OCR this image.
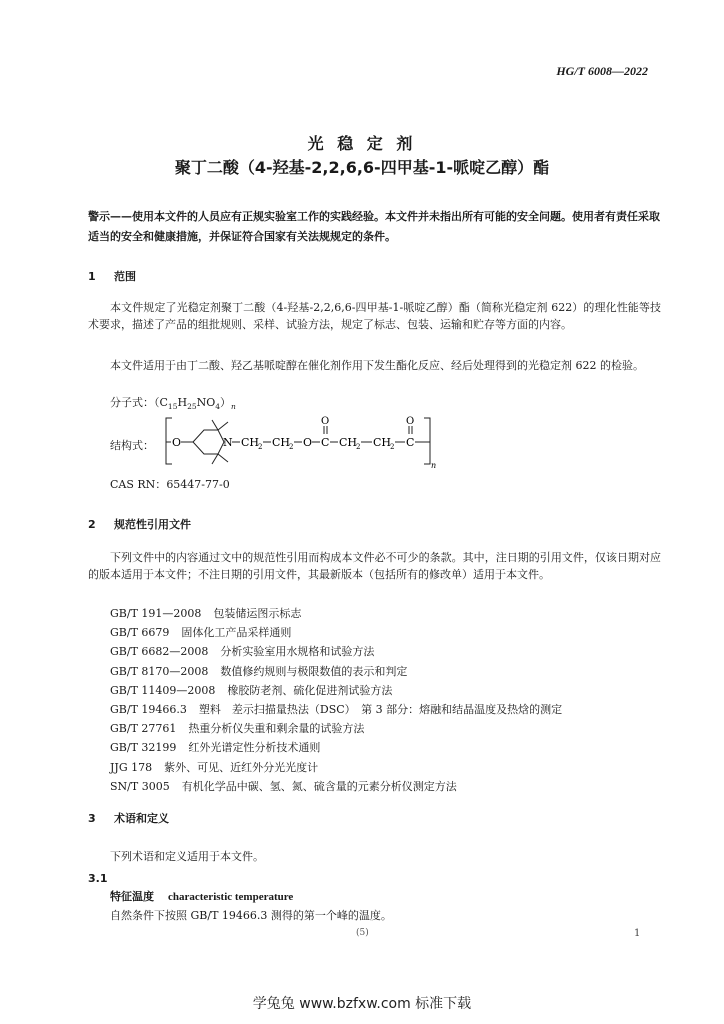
HG/T 6008—2022
光 稳 定 剂
聚丁二酸（4-羟基-2,2,6,6-四甲基-1-哌啶乙醇）酯
警示——使用本文件的人员应有正规实验室工作的实践经验。本文件并未指出所有可能的安全问题。使用者有责任采取适当的安全和健康措施，并保证符合国家有关法规规定的条件。
1 范围
本文件规定了光稳定剂聚丁二酸（4-羟基-2,2,6,6-四甲基-1-哌啶乙醇）酯（简称光稳定剂 622）的理化性能等技术要求，描述了产品的组批规则、采样、试验方法，规定了标志、包装、运输和贮存等方面的内容。
本文件适用于由丁二酸、羟乙基哌啶醇在催化剂作用下发生酯化反应、经后处理得到的光稳定剂 622 的检验。
分子式：$(C_{15}H_{25}NO_4)_n$
结构式：
n
O	N CH
2 CH
2 O C
O
CH
2 CH
2 C
O
CAS RN：65447-77-0
2 规范性引用文件
下列文件中的内容通过文中的规范性引用而构成本文件必不可少的条款。其中，注日期的引用文件，仅该日期对应的版本适用于本文件；不注日期的引用文件，其最新版本（包括所有的修改单）适用于本文件。
GB/T 191—2008 包装储运图示标志
GB/T 6679 固体化工产品采样通则
GB/T 6682—2008 分析实验室用水规格和试验方法
GB/T 8170—2008 数值修约规则与极限数值的表示和判定
GB/T 11409—2008 橡胶防老剂、硫化促进剂试验方法
GB/T 19466.3 塑料　差示扫描量热法（DSC）　第 3 部分：熔融和结晶温度及热焓的测定
GB/T 27761 热重分析仪失重和剩余量的试验方法
GB/T 32199 红外光谱定性分析技术通则
JJG 178 紫外、可见、近红外分光光度计
SN/T 3005 有机化学品中碳、氢、氮、硫含量的元素分析仪测定方法
3 术语和定义
下列术语和定义适用于本文件。
3.1
特征温度 characteristic temperature
自然条件下按照 GB/T 19466.3 测得的第一个峰的温度。
(5)	1
学兔兔 www.bzfxw.com 标准下载
